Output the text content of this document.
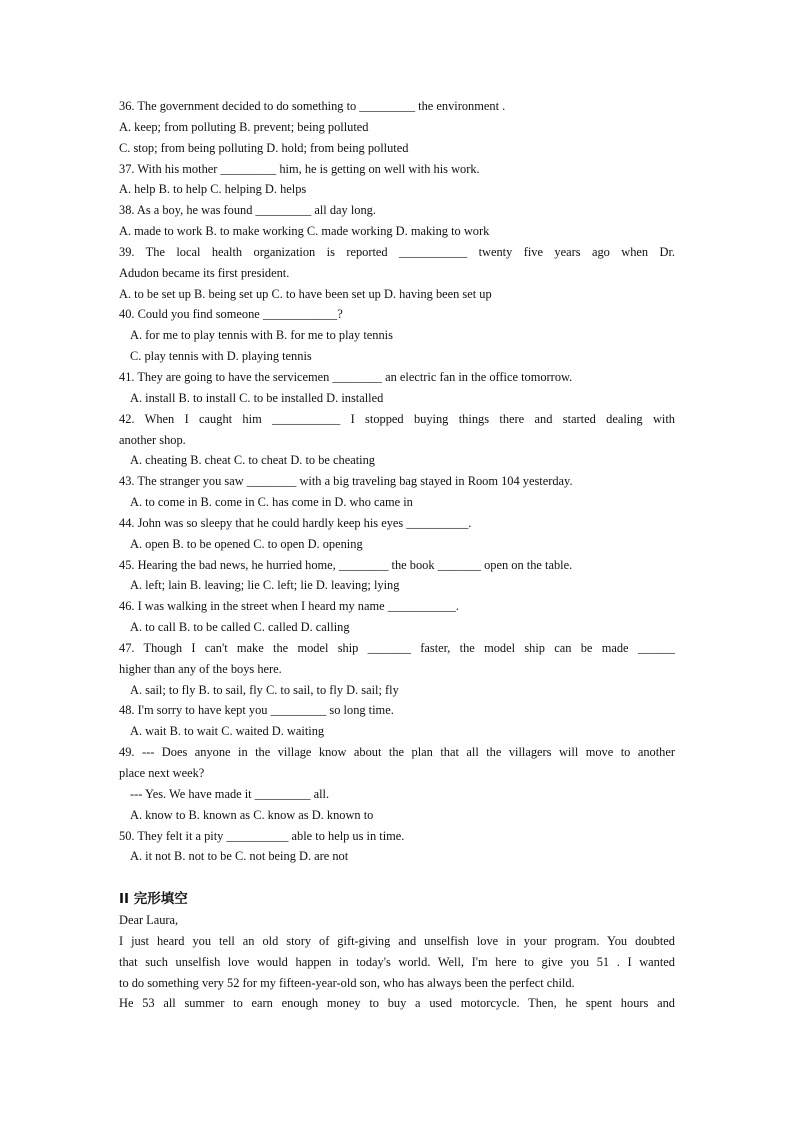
36. The government decided to do something to _________ the environment .
A. keep; from polluting B. prevent; being polluted
C. stop; from being polluting D. hold; from being polluted
37. With his mother _________ him, he is getting on well with his work.
A. help B. to help C. helping D. helps
38. As a boy, he was found _________ all day long.
A. made to work B. to make working C. made working D. making to work
39. The local health organization is reported ___________ twenty five years ago when Dr.
Adudon became its first president.
A. to be set up B. being set up C. to have been set up D. having been set up
40. Could you find someone ____________?
A. for me to play tennis with B. for me to play tennis
C. play tennis with D. playing tennis
41. They are going to have the servicemen ________ an electric fan in the office tomorrow.
A. install B. to install C. to be installed D. installed
42. When I caught him ___________ I stopped buying things there and started dealing with
another shop.
A. cheating B. cheat C. to cheat D. to be cheating
43. The stranger you saw ________ with a big traveling bag stayed in Room 104 yesterday.
A. to come in B. come in C. has come in D. who came in
44. John was so sleepy that he could hardly keep his eyes __________.
A. open B. to be opened C. to open D. opening
45. Hearing the bad news, he hurried home, ________ the book _______ open on the table.
A. left; lain B. leaving; lie C. left; lie D. leaving; lying
46. I was walking in the street when I heard my name ___________.
A. to call B. to be called C. called D. calling
47. Though I can't make the model ship _______ faster, the model ship can be made ______
higher than any of the boys here.
A. sail; to fly B. to sail, fly C. to sail, to fly D. sail; fly
48. I'm sorry to have kept you _________ so long time.
A. wait B. to wait C. waited D. waiting
49. --- Does anyone in the village know about the plan that all the villagers will move to another
place next week?
--- Yes. We have made it _________ all.
A. know to B. known as C. know as D. known to
50. They felt it a pity __________ able to help us in time.
A. it not B. not to be C. not being D. are not
II 完形填空
Dear Laura,
I just heard you tell an old story of gift-giving and unselfish love in your program. You doubted
that such unselfish love would happen in today's world. Well, I'm here to give you 51 . I wanted
to do something very 52 for my fifteen-year-old son, who has always been the perfect child.
He 53 all summer to earn enough money to buy a used motorcycle. Then, he spent hours and
